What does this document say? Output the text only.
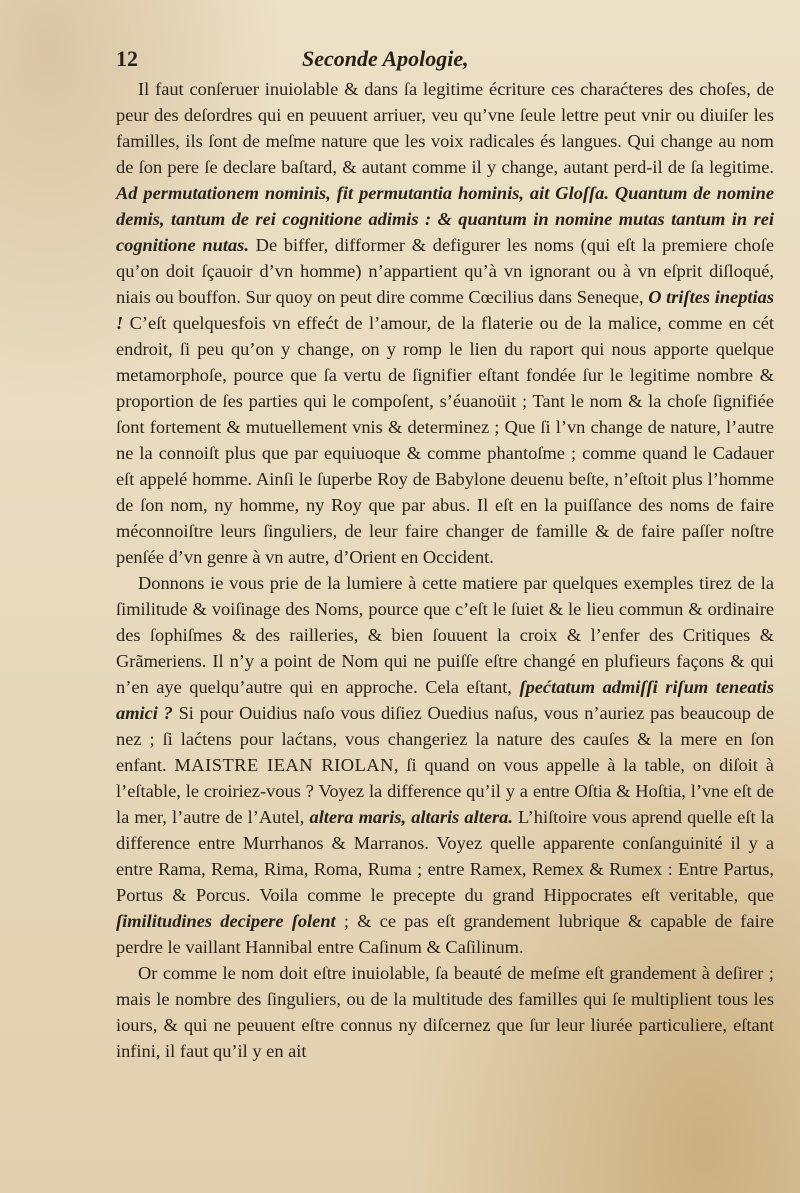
12	Seconde Apologie,

Il faut conſeruer inuiolable & dans ſa legitime écriture ces charaćteres des choſes, de peur des deſordres qui en peuuent arriuer, veu qu’vne ſeule lettre peut vnir ou diuiſer les familles, ils ſont de meſme nature que les voix radicales és langues. Qui change au nom de ſon pere ſe declare baſtard, & autant comme il y change, autant perd-il de ſa legitime. Ad permutationem nominis, fit permutantia hominis, ait Gloſſa. Quantum de nomine demis, tantum de rei cognitione adimis : & quantum in nomine mutas tantum in rei cognitione nutas. De biffer, difformer & defigurer les noms (qui eſt la premiere choſe qu’on doit ſçauoir d’vn homme) n’appartient qu’à vn ignorant ou à vn eſprit diſloqué, niais ou bouffon. Sur quoy on peut dire comme Cœcilius dans Seneque, O triſtes ineptias ! C’eſt quelquesfois vn effećt de l’amour, de la flaterie ou de la malice, comme en cét endroit, ſi peu qu’on y change, on y romp le lien du raport qui nous apporte quelque metamorphoſe, pource que ſa vertu de ſignifier eſtant fondée ſur le legitime nombre & proportion de ſes parties qui le compoſent, s’éuanoüit ; Tant le nom & la choſe ſignifiée ſont fortement & mutuellement vnis & determinez ; Que ſi l’vn change de nature, l’autre ne la connoiſt plus que par equiuoque & comme phantoſme ; comme quand le Cadauer eſt appelé homme. Ainſi le ſuperbe Roy de Babylone deuenu beſte, n’eſtoit plus l’homme de ſon nom, ny homme, ny Roy que par abus. Il eſt en la puiſſance des noms de faire méconnoiſtre leurs ſinguliers, de leur faire changer de famille & de faire paſſer noſtre penſée d’vn genre à vn autre, d’Orient en Occident.

Donnons ie vous prie de la lumiere à cette matiere par quelques exemples tirez de la ſimilitude & voiſinage des Noms, pource que c’eſt le ſuiet & le lieu commun & ordinaire des ſophiſmes & des railleries, & bien ſouuent la croix & l’enfer des Critiques & Grãmeriens. Il n’y a point de Nom qui ne puiſſe eſtre changé en plufieurs façons & qui n’en aye quelqu’autre qui en approche. Cela eſtant, ſpećtatum admiſſi riſum teneatis amici ? Si pour Ouidius naſo vous diſiez Ouedius naſus, vous n’auriez pas beaucoup de nez ; ſi laćtens pour laćtans, vous changeriez la nature des cauſes & la mere en ſon enfant. MAISTRE IEAN RIOLAN, ſi quand on vous appelle à la table, on diſoit à l’eſtable, le croiriez-vous ? Voyez la difference qu’il y a entre Oſtia & Hoſtia, l’vne eſt de la mer, l’autre de l’Autel, altera maris, altaris altera. L’hiſtoire vous aprend quelle eſt la difference entre Murrhanos & Marranos. Voyez quelle apparente conſanguinité il y a entre Rama, Rema, Rima, Roma, Ruma ; entre Ramex, Remex & Rumex : Entre Partus, Portus & Porcus. Voila comme le precepte du grand Hippocrates eſt veritable, que ſimilitudines decipere ſolent ; & ce pas eſt grandement lubrique & capable de faire perdre le vaillant Hannibal entre Caſinum & Caſilinum.

Or comme le nom doit eſtre inuiolable, ſa beauté de meſme eſt grandement à deſirer ; mais le nombre des ſinguliers, ou de la multitude des familles qui ſe multiplient tous les iours, & qui ne peuuent eſtre connus ny diſcernez que ſur leur liurée particuliere, eſtant infini, il faut qu’il y en ait
